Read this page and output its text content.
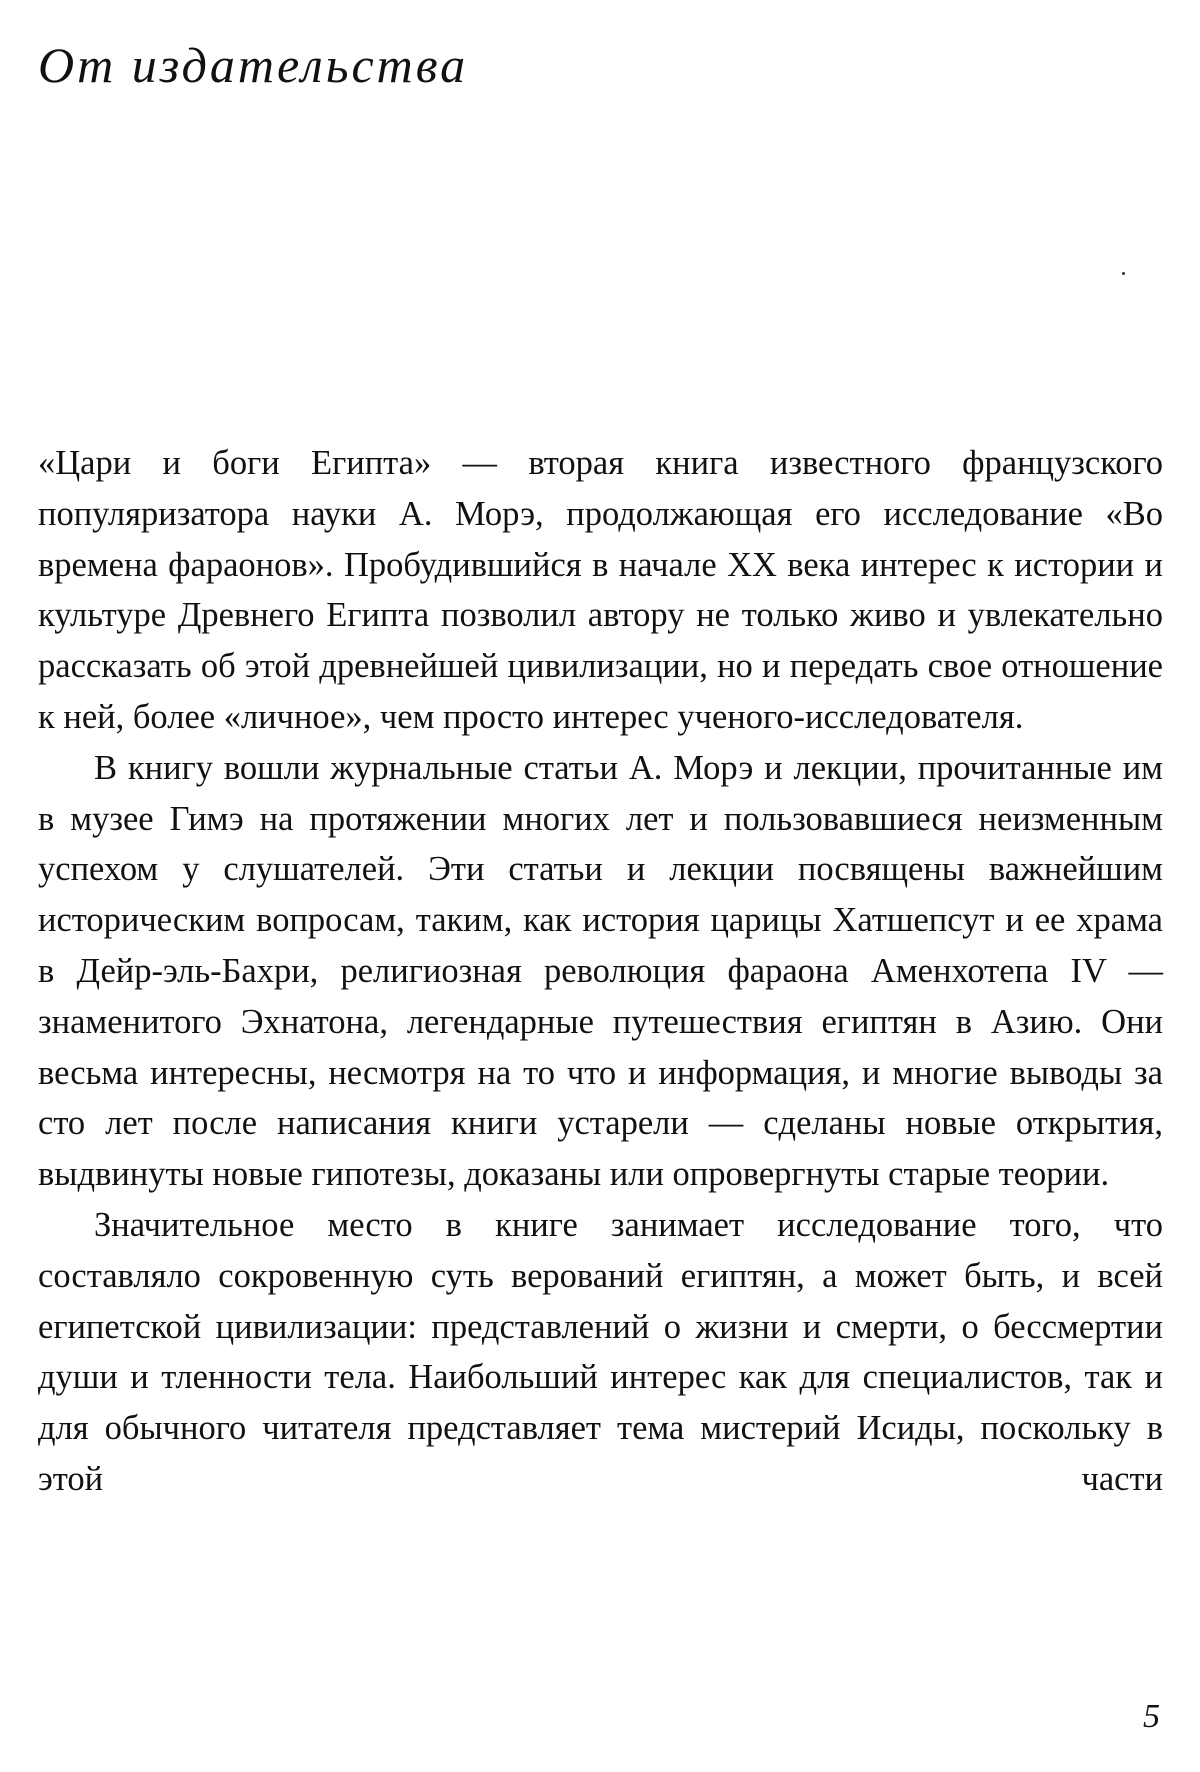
От издательства

«Цари и боги Египта» — вторая книга известного французского популяризатора науки А. Морэ, продолжающая его исследование «Во времена фараонов». Пробудившийся в начале XX века интерес к истории и культуре Древнего Египта позволил автору не только живо и увлекательно рассказать об этой древнейшей цивилизации, но и передать свое отношение к ней, более «личное», чем просто интерес ученого-исследователя.

В книгу вошли журнальные статьи А. Морэ и лекции, прочитанные им в музее Гимэ на протяжении многих лет и пользовавшиеся неизменным успехом у слушателей. Эти статьи и лекции посвящены важнейшим историческим вопросам, таким, как история царицы Хатшепсут и ее храма в Дейр-эль-Бахри, религиозная революция фараона Аменхотепа IV — знаменитого Эхнатона, легендарные путешествия египтян в Азию. Они весьма интересны, несмотря на то что и информация, и многие выводы за сто лет после написания книги устарели — сделаны новые открытия, выдвинуты новые гипотезы, доказаны или опровергнуты старые теории.

Значительное место в книге занимает исследование того, что составляло сокровенную суть верований египтян, а может быть, и всей египетской цивилизации: представлений о жизни и смерти, о бессмертии души и тленности тела. Наибольший интерес как для специалистов, так и для обычного читателя представляет тема мистерий Исиды, поскольку в этой части

5
